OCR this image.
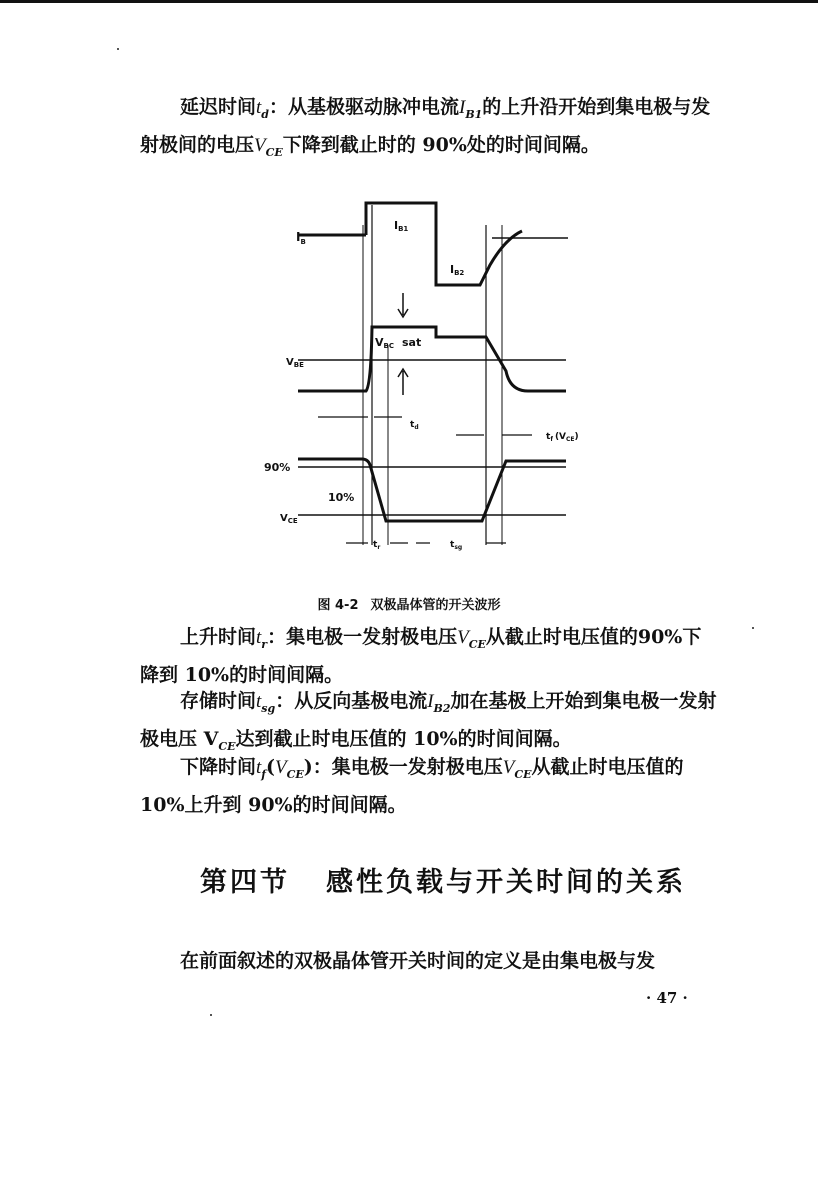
延迟时间$t_d$：从基极驱动脉冲电流$I_{B1}$的上升沿开始到集电极与发射极间的电压$V_{CE}$下降到截止时的 90%处的时间间隔。

$I_B$
IB1
IB2
VBC sat
$V_{BE}$
$t_d$
$t_f$ $(V_{CE})$
90%
10%
$V_{CE}$
$t_r$	$t_{sg}$
图 4-2 双极晶体管的开关波形

上升时间$t_r$：集电极一发射极电压$V_{CE}$从截止时电压值的90%下降到 10%的时间间隔。

存储时间$t_{sg}$：从反向基极电流$I_{B2}$加在基极上开始到集电极一发射极电压 $V_{CE}$达到截止时电压值的 10%的时间间隔。

下降时间$t_f(V_{CE})$：集电极一发射极电压$V_{CE}$从截止时电压值的 10%上升到 90%的时间间隔。

第四节 感性负载与开关时间的关系

在前面叙述的双极晶体管开关时间的定义是由集电极与发

· 47 ·
